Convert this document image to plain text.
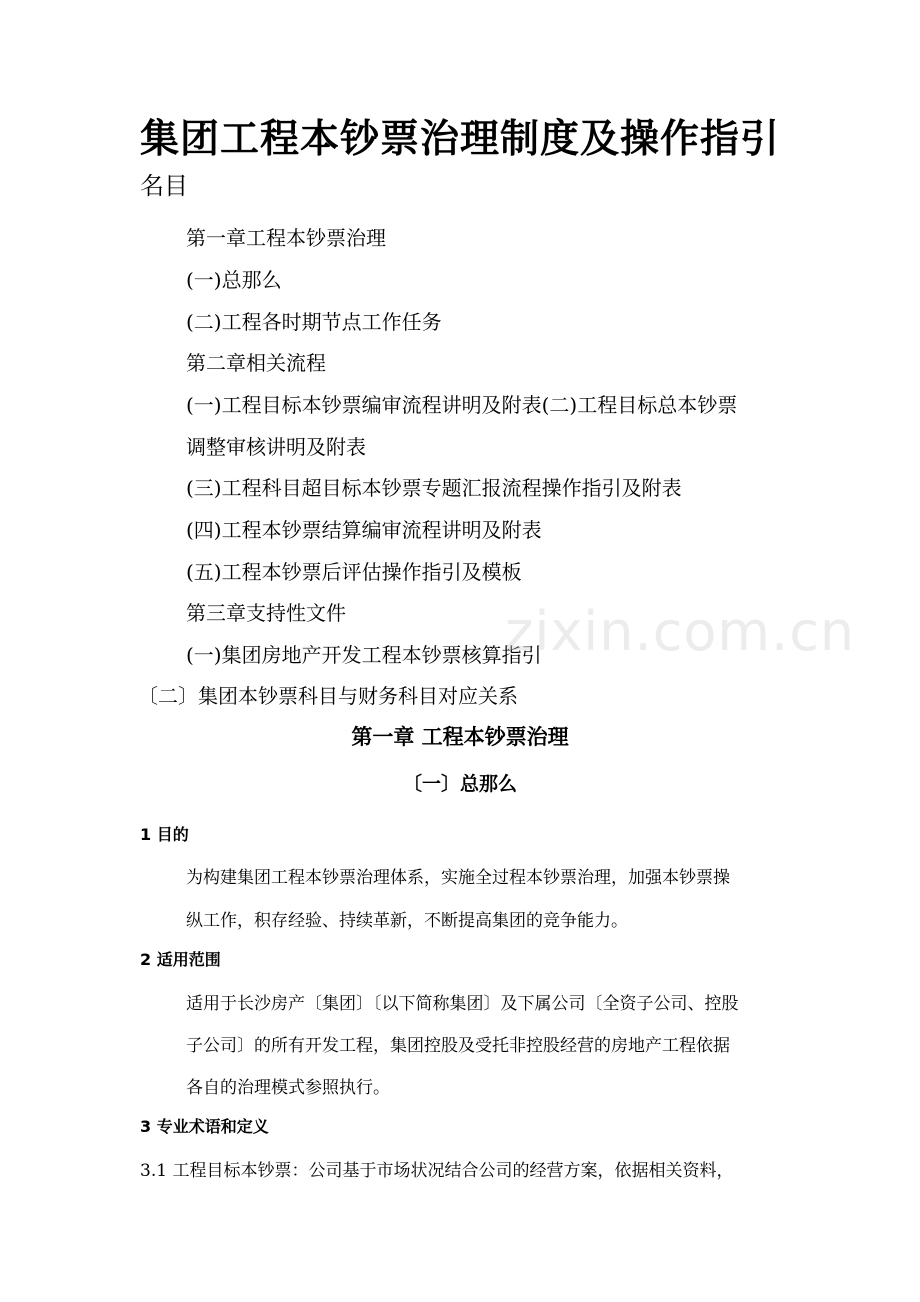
集团工程本钞票治理制度及操作指引
名目
第一章工程本钞票治理
(一)总那么
(二)工程各时期节点工作任务
第二章相关流程
(一)工程目标本钞票编审流程讲明及附表(二)工程目标总本钞票
调整审核讲明及附表
(三)工程科目超目标本钞票专题汇报流程操作指引及附表
(四)工程本钞票结算编审流程讲明及附表
(五)工程本钞票后评估操作指引及模板
第三章支持性文件
(一)集团房地产开发工程本钞票核算指引
〔二〕集团本钞票科目与财务科目对应关系
第一章 工程本钞票治理
〔一〕总那么
1 目的
为构建集团工程本钞票治理体系，实施全过程本钞票治理，加强本钞票操
纵工作，积存经验、持续革新，不断提高集团的竞争能力。
2 适用范围
适用于长沙房产〔集团〕〔以下简称集团〕及下属公司〔全资子公司、控股
子公司〕的所有开发工程，集团控股及受托非控股经营的房地产工程依据
各自的治理模式参照执行。
3 专业术语和定义
3.1 工程目标本钞票：公司基于市场状况结合公司的经营方案，依据相关资料，
zixin.com.cn
